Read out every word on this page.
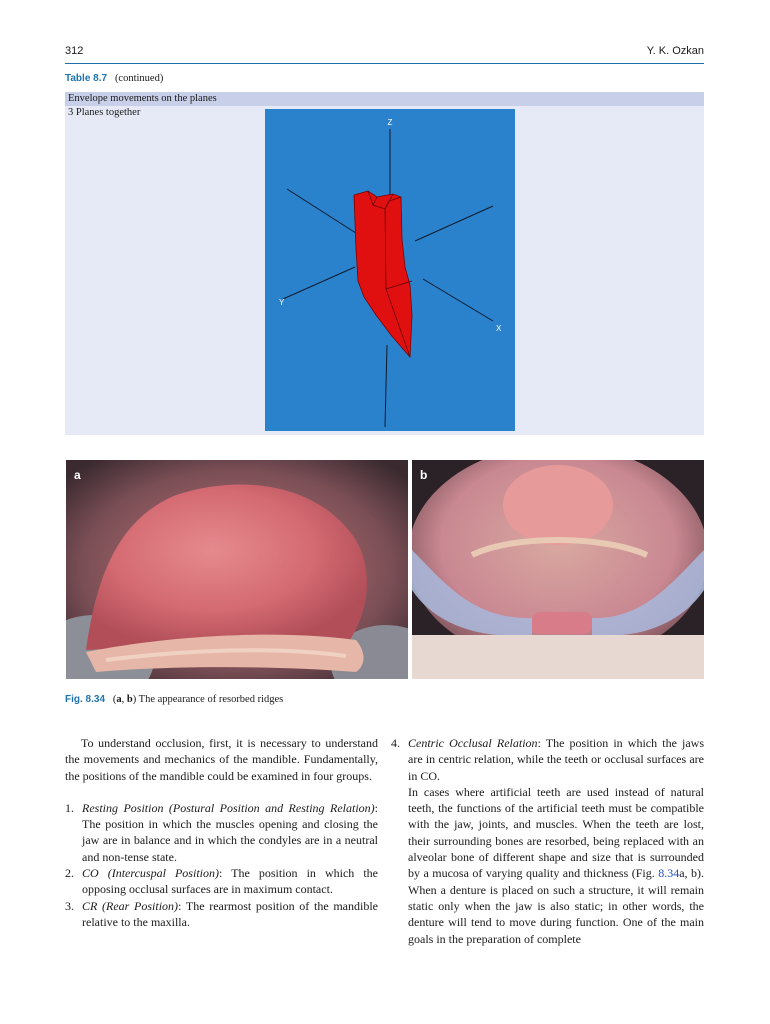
312	Y. K. Ozkan
Table 8.7 (continued)
Envelope movements on the planes
3 Planes together
Z
Y
X
a	b
Fig. 8.34 (a, b) The appearance of resorbed ridges

To understand occlusion, first, it is necessary to understand the movements and mechanics of the mandible. Fundamentally, the positions of the mandible could be examined in four groups.

1. Resting Position (Postural Position and Resting Relation): The position in which the muscles opening and closing the jaw are in balance and in which the condyles are in a neutral and non-tense state.
2. CO (Intercuspal Position): The position in which the opposing occlusal surfaces are in maximum contact.
3. CR (Rear Position): The rearmost position of the mandible relative to the maxilla.
4. Centric Occlusal Relation: The position in which the jaws are in centric relation, while the teeth or occlusal surfaces are in CO.

In cases where artificial teeth are used instead of natural teeth, the functions of the artificial teeth must be compatible with the jaw, joints, and muscles. When the teeth are lost, their surrounding bones are resorbed, being replaced with an alveolar bone of different shape and size that is surrounded by a mucosa of varying quality and thickness (Fig. 8.34a, b). When a denture is placed on such a structure, it will remain static only when the jaw is also static; in other words, the denture will tend to move during function. One of the main goals in the preparation of complete
